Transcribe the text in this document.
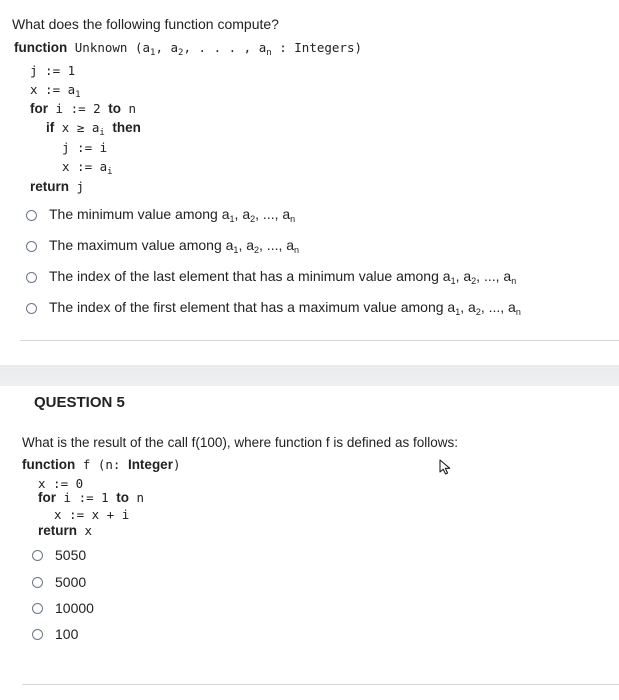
What does the following function compute?
function Unknown ($a_1$, $a_2$, . . . , $a_n$ : Integers)
j := 1
x := $a_1$
for i := 2 to n
if $x \ge a_i$ then
j := i
x := $a_i$
return j
The minimum value among $a_1$, $a_2$, ..., $a_n$
The maximum value among $a_1$, $a_2$, ..., $a_n$
The index of the last element that has a minimum value among $a_1$, $a_2$, ..., $a_n$
The index of the first element that has a maximum value among $a_1$, $a_2$, ..., $a_n$
QUESTION 5
What is the result of the call f(100), where function f is defined as follows:
function f (n: Integer)
x := 0
for i := 1 to n
x := x + i
return x
5050
5000
10000
100
